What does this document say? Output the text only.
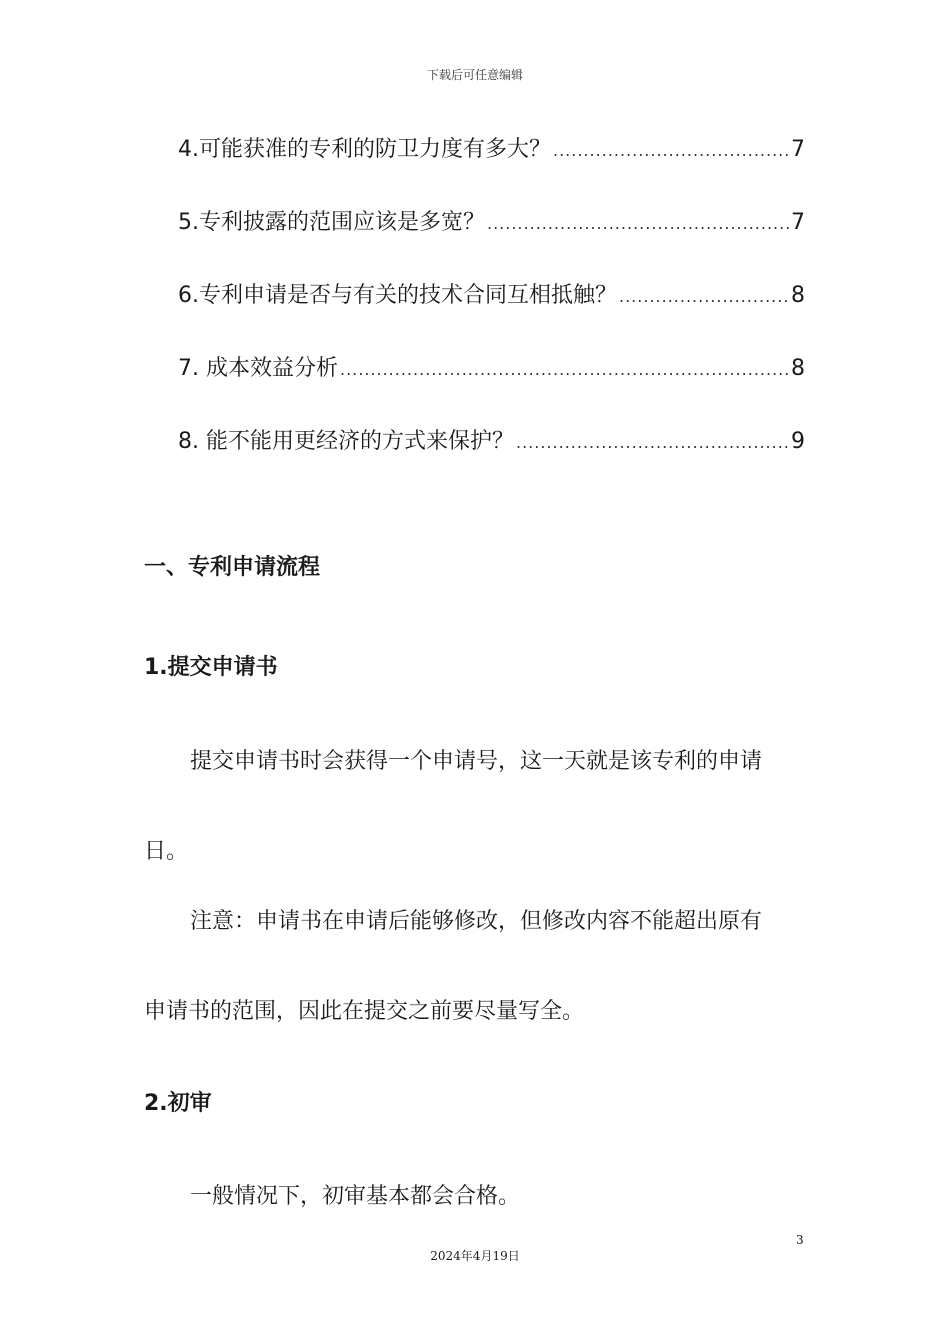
下载后可任意编辑
4.可能获准的专利的防卫力度有多大？ .....	7
5.专利披露的范围应该是多宽？ .....	7
6.专利申请是否与有关的技术合同互相抵触？ .....	8
7. 成本效益分析 .....	8
8. 能不能用更经济的方式来保护？ .....	9
一、专利申请流程
1.提交申请书
提交申请书时会获得一个申请号，这一天就是该专利的申请
日。
注意：申请书在申请后能够修改，但修改内容不能超出原有
申请书的范围，因此在提交之前要尽量写全。
2.初审
一般情况下，初审基本都会合格。
3
2024年4月19日
